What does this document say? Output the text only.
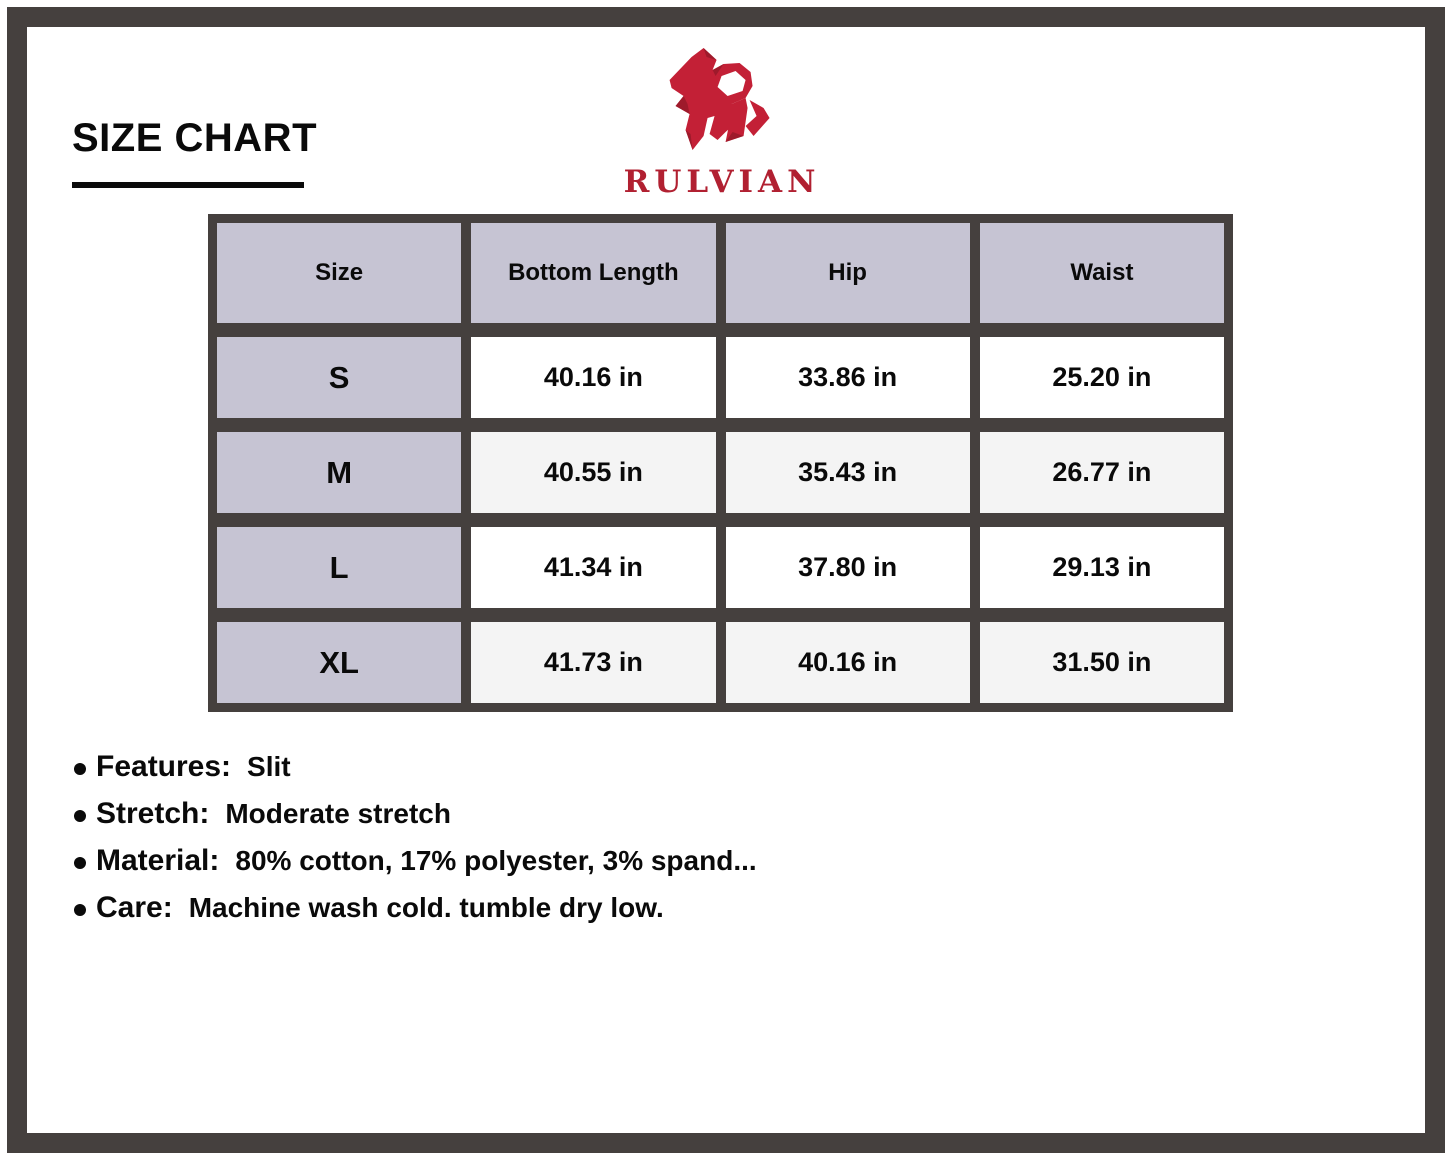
SIZE CHART
RULVIAN
Size	Bottom Length	Hip	Waist
S	40.16 in	33.86 in	25.20 in
M	40.55 in	35.43 in	26.77 in
L	41.34 in	37.80 in	29.13 in
XL	41.73 in	40.16 in	31.50 in
Features: Slit
Stretch: Moderate stretch
Material: 80% cotton, 17% polyester, 3% spand...
Care: Machine wash cold. tumble dry low.
